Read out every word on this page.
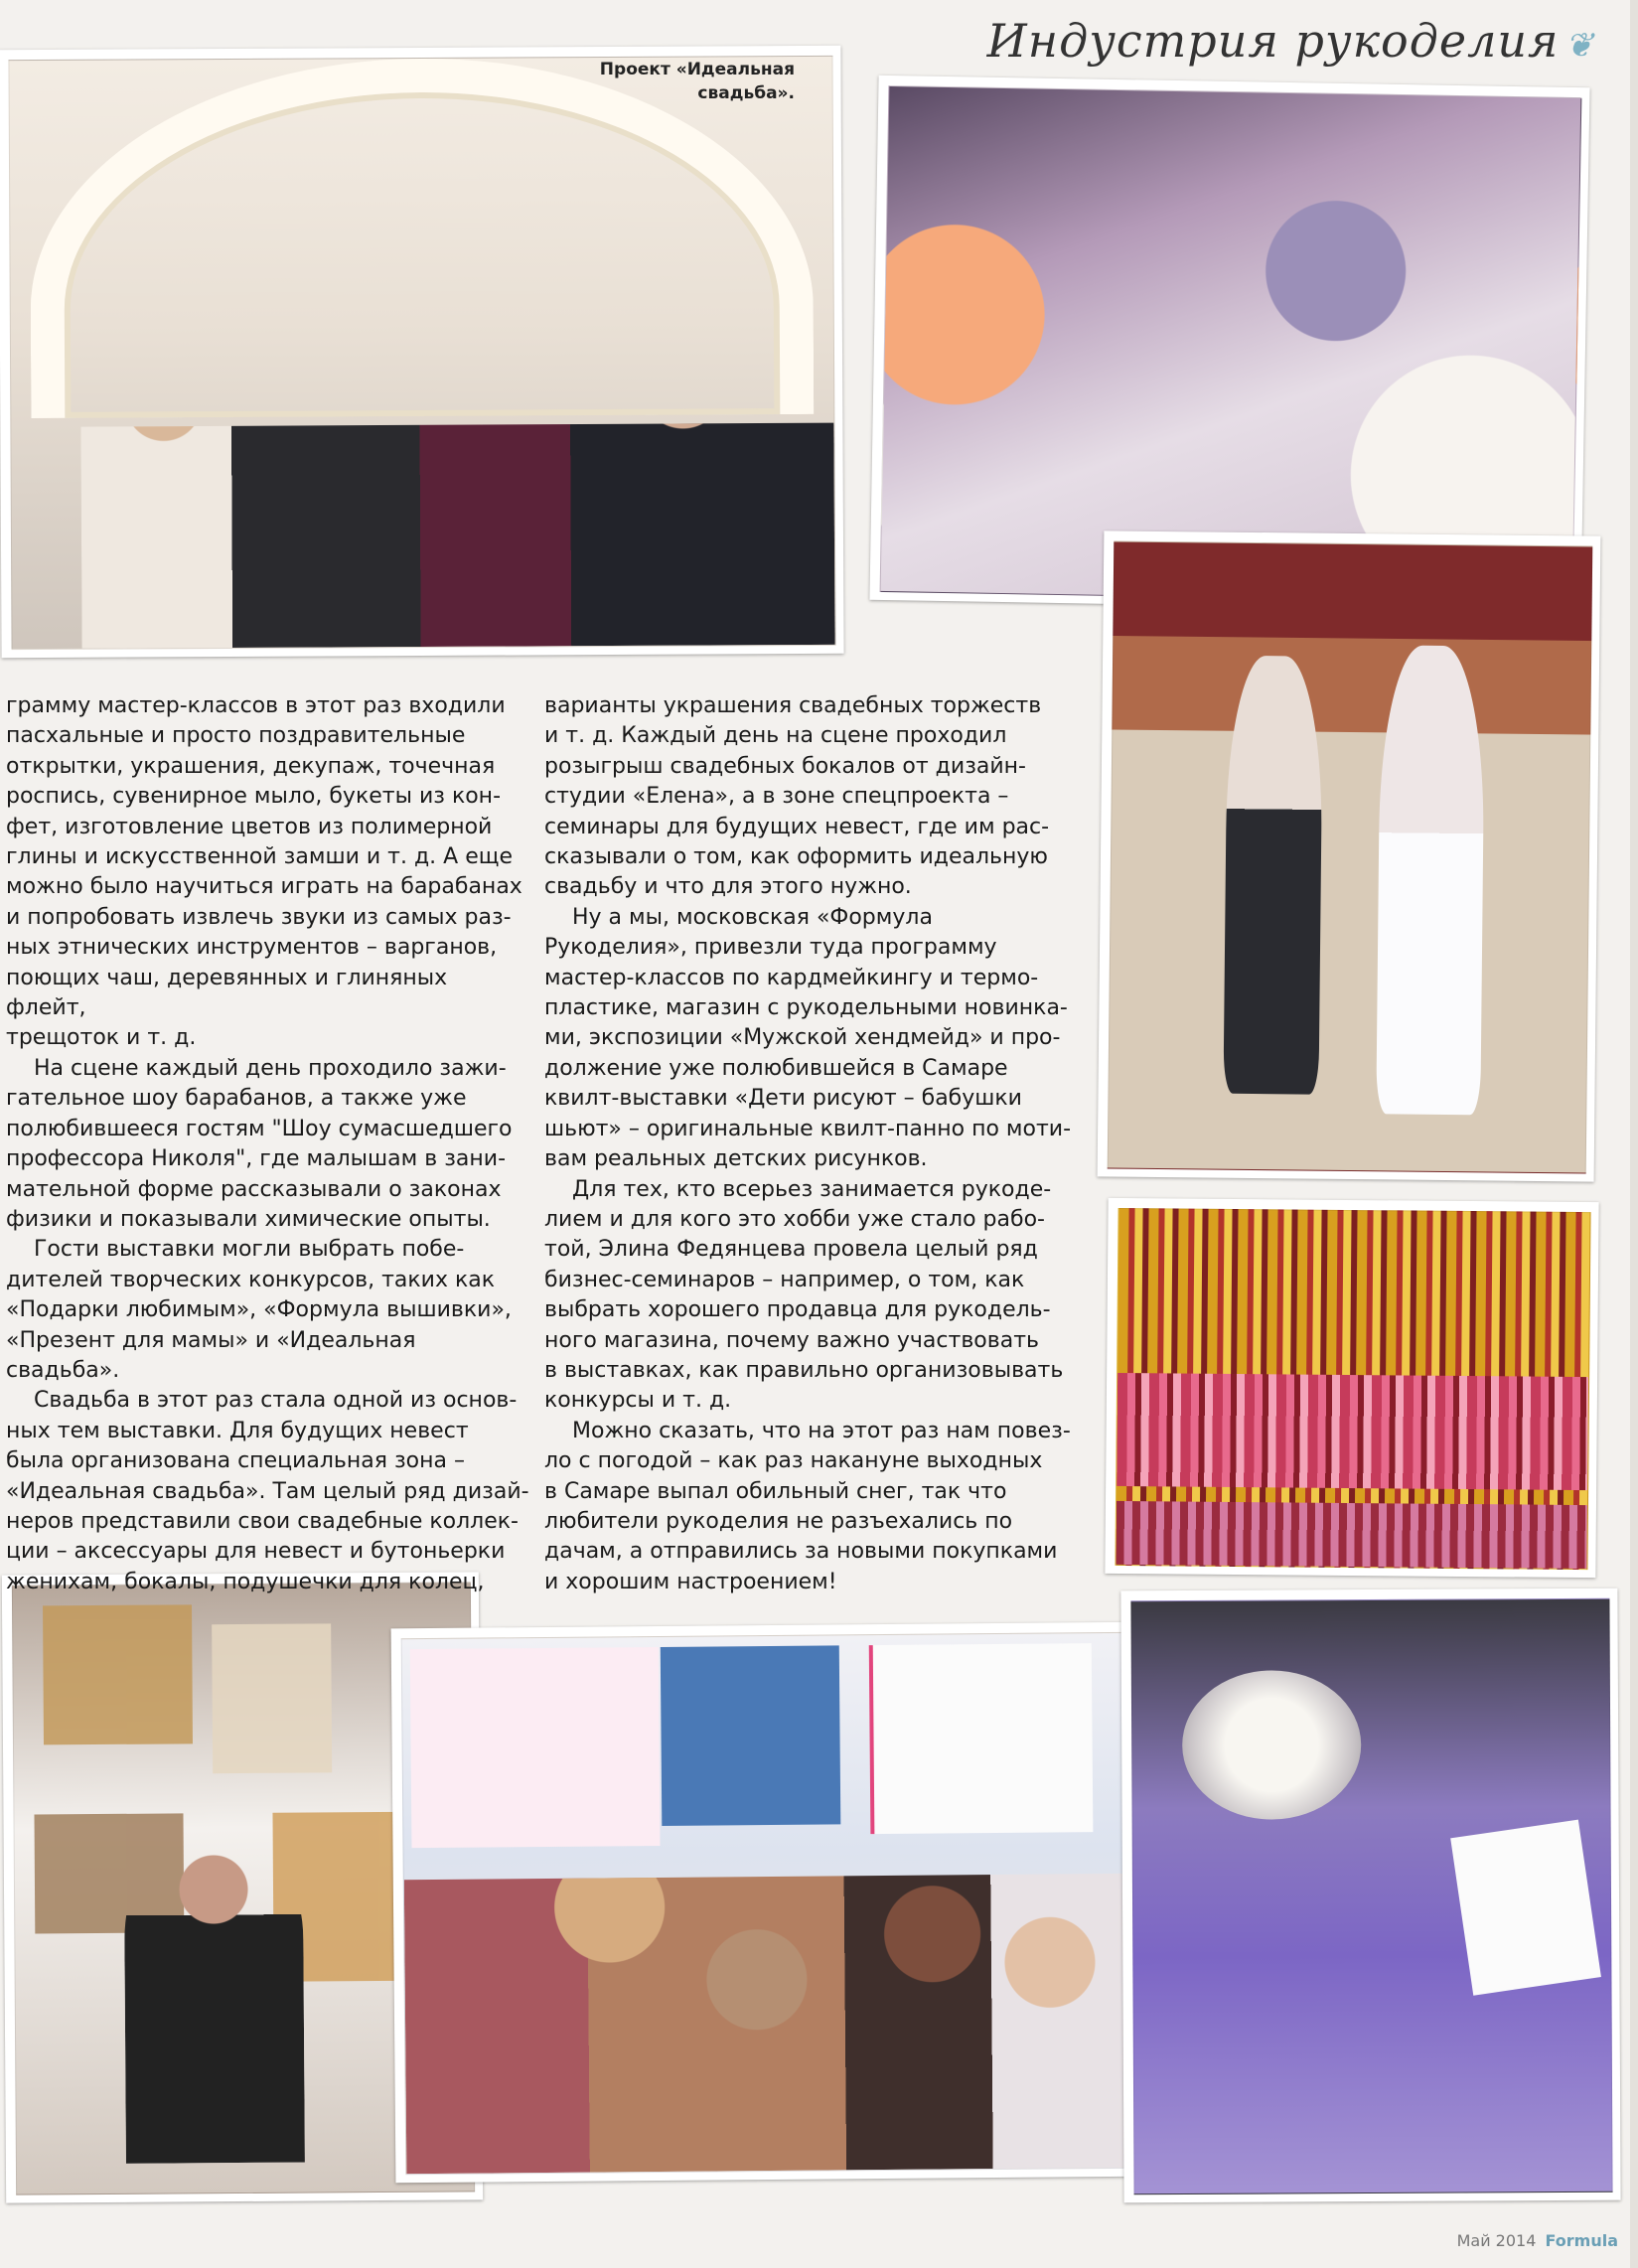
Индустрия рукоделия ❦
Проект «Идеальная
свадьба».

грамму мастер-классов в этот раз входили

пасхальные и просто поздравительные

открытки, украшения, декупаж, точечная

роспись, сувенирное мыло, букеты из кон-

фет, изготовление цветов из полимерной

глины и искусственной замши и т. д. А еще

можно было научиться играть на барабанах

и попробовать извлечь звуки из самых раз-

ных этнических инструментов – варганов,

поющих чаш, деревянных и глиняных флейт,

трещоток и т. д.

На сцене каждый день проходило зажи-

гательное шоу барабанов, а также уже

полюбившееся гостям "Шоу сумасшедшего

профессора Николя", где малышам в зани-

мательной форме рассказывали о законах

физики и показывали химические опыты.

Гости выставки могли выбрать побе-

дителей творческих конкурсов, таких как

«Подарки любимым», «Формула вышивки»,

«Презент для мамы» и «Идеальная свадьба».

Свадьба в этот раз стала одной из основ-

ных тем выставки. Для будущих невест

была организована специальная зона –

«Идеальная свадьба». Там целый ряд дизай-

неров представили свои свадебные коллек-

ции – аксессуары для невест и бутоньерки

женихам, бокалы, подушечки для колец,

варианты украшения свадебных торжеств

и т. д. Каждый день на сцене проходил

розыгрыш свадебных бокалов от дизайн-

студии «Елена», а в зоне спецпроекта –

семинары для будущих невест, где им рас-

сказывали о том, как оформить идеальную

свадьбу и что для этого нужно.

Ну а мы, московская «Формула

Рукоделия», привезли туда программу

мастер-классов по кардмейкингу и термо-

пластике, магазин с рукодельными новинка-

ми, экспозиции «Мужской хендмейд» и про-

должение уже полюбившейся в Самаре

квилт-выставки «Дети рисуют – бабушки

шьют» – оригинальные квилт-панно по моти-

вам реальных детских рисунков.

Для тех, кто всерьез занимается рукоде-

лием и для кого это хобби уже стало рабо-

той, Элина Федянцева провела целый ряд

бизнес-семинаров – например, о том, как

выбрать хорошего продавца для рукодель-

ного магазина, почему важно участвовать

в выставках, как правильно организовывать

конкурсы и т. д.

Можно сказать, что на этот раз нам повез-

ло с погодой – как раз накануне выходных

в Самаре выпал обильный снег, так что

любители рукоделия не разъехались по

дачам, а отправились за новыми покупками

и хорошим настроением!

Май 2014 Formula
